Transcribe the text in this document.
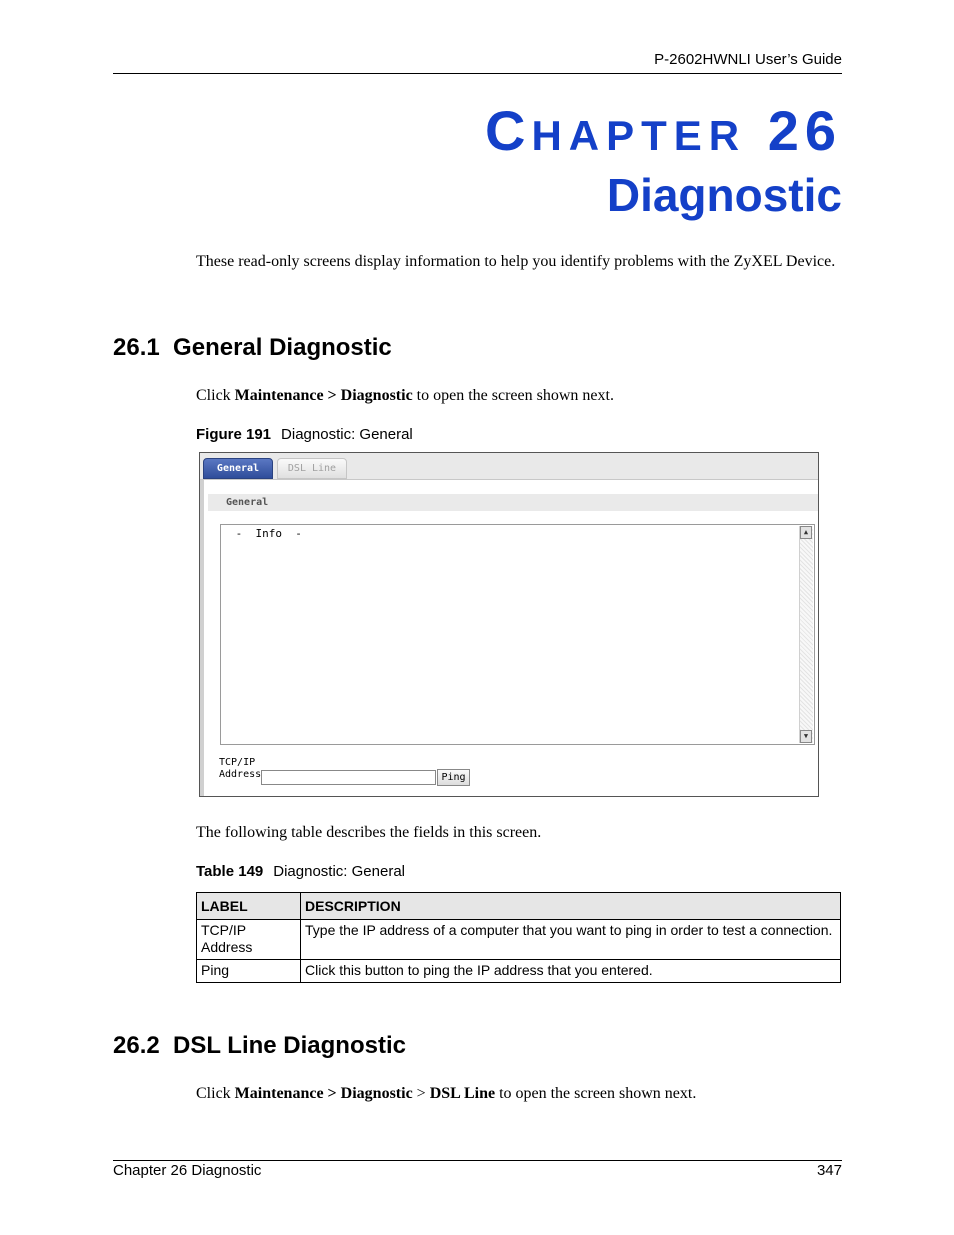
P-2602HWNLI User’s Guide
CHAPTER 26
Diagnostic
These read-only screens display information to help you identify problems with the ZyXEL Device.
26.1  General Diagnostic
Click Maintenance > Diagnostic to open the screen shown next.
Figure 191 Diagnostic: General
General	DSL Line
General
-  Info  -	▲
▼
TCP/IP
Address	Ping
The following table describes the fields in this screen.
Table 149 Diagnostic: General
LABEL	DESCRIPTION
TCP/IP Address	Type the IP address of a computer that you want to ping in order to test a connection.
Ping	Click this button to ping the IP address that you entered.
26.2  DSL Line Diagnostic
Click Maintenance > Diagnostic > DSL Line to open the screen shown next.
Chapter 26 Diagnostic	347
